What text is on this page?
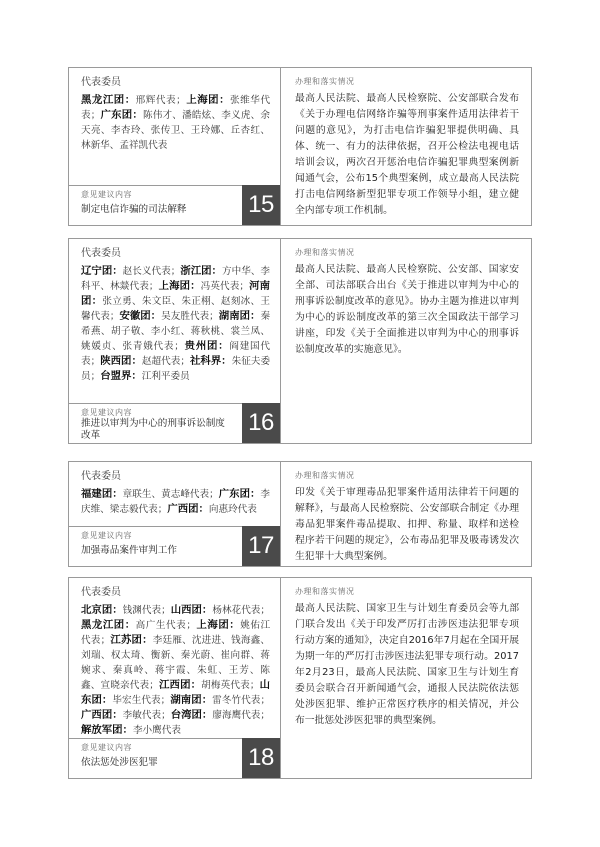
代表委员
黑龙江团：邢辉代表；上海团：张维华代表；广东团：陈伟才、潘皓炫、李义虎、余天亮、李杏玲、张传卫、王玲娜、丘杏红、林新华、孟祥凯代表
意见建议内容
制定电信诈骗的司法解释	15
办理和落实情况
最高人民法院、最高人民检察院、公安部联合发布《关于办理电信网络诈骗等刑事案件适用法律若干问题的意见》，为打击电信诈骗犯罪提供明确、具体、统一、有力的法律依据，召开公检法电视电话培训会议，两次召开惩治电信诈骗犯罪典型案例新闻通气会，公布15个典型案例，成立最高人民法院打击电信网络新型犯罪专项工作领导小组，建立健全内部专项工作机制。
代表委员
辽宁团：赵长义代表；浙江团：方中华、李科平、林燚代表；上海团：冯英代表；河南团：张立勇、朱文臣、朱正栩、赵刻冰、王馨代表；安徽团：吴友胜代表；湖南团：秦希燕、胡子敬、李小红、蒋秋桃、裳兰凤、姚媛贞、张青娥代表；贵州团：阎建国代表；陕西团：赵超代表；社科界：朱征夫委员；台盟界：江利平委员
意见建议内容
推进以审判为中心的刑事诉讼制度改革	16
办理和落实情况
最高人民法院、最高人民检察院、公安部、国家安全部、司法部联合出台《关于推进以审判为中心的刑事诉讼制度改革的意见》。协办主题为推进以审判为中心的诉讼制度改革的第三次全国政法干部学习讲座，印发《关于全面推进以审判为中心的刑事诉讼制度改革的实施意见》。
代表委员
福建团：章联生、黄志峰代表；广东团：李庆维、梁志毅代表；广西团：向惠玲代表
意见建议内容
加强毒品案件审判工作	17
办理和落实情况
印发《关于审理毒品犯罪案件适用法律若干问题的解释》，与最高人民检察院、公安部联合制定《办理毒品犯罪案件毒品提取、扣押、称量、取样和送检程序若干问题的规定》，公布毒品犯罪及吸毒诱发次生犯罪十大典型案例。
代表委员
北京团：钱渊代表；山西团：杨林花代表；黑龙江团：高广生代表；上海团：姚佑江代表；江苏团：李廷雁、沈进进、钱海鑫、刘瑞、权太琦、衡新、秦光蔚、崔向群、蒋婉求、秦真岭、蒋宇霞、朱虹、王芳、陈鑫、宣晓亲代表；江西团：胡梅英代表；山东团：毕宏生代表；湖南团：雷冬竹代表；广西团：李敏代表；台湾团：廖海鹰代表；解放军团：李小鹰代表
意见建议内容
依法惩处涉医犯罪	18
办理和落实情况
最高人民法院、国家卫生与计划生育委员会等九部门联合发出《关于印发严厉打击涉医违法犯罪专项行动方案的通知》，决定自2016年7月起在全国开展为期一年的严厉打击涉医违法犯罪专项行动。2017年2月23日，最高人民法院、国家卫生与计划生育委员会联合召开新闻通气会，通报人民法院依法惩处涉医犯罪、维护正常医疗秩序的相关情况，并公布一批惩处涉医犯罪的典型案例。
